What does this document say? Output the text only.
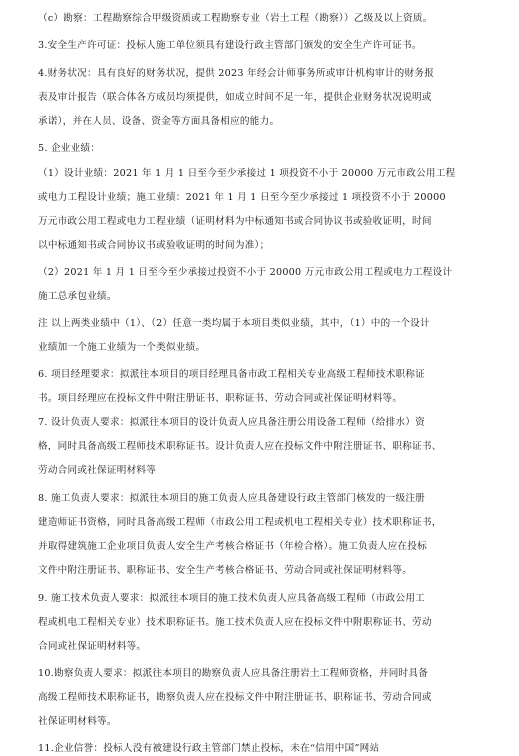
（c）勘察：工程勘察综合甲级资质或工程勘察专业（岩土工程（勘察））乙级及以上资质。
3.安全生产许可证：投标人施工单位须具有建设行政主管部门颁发的安全生产许可证书。
4.财务状况：具有良好的财务状况，提供 2023 年经会计师事务所或审计机构审计的财务报
表及审计报告（联合体各方成员均须提供，如成立时间不足一年，提供企业财务状况说明或
承诺），并在人员、设备、资金等方面具备相应的能力。
5. 企业业绩：
（1）设计业绩：2021 年 1 月 1 日至今至少承接过 1 项投资不小于 20000 万元市政公用工程
或电力工程设计业绩；施工业绩：2021 年 1 月 1 日至今至少承接过 1 项投资不小于 20000
万元市政公用工程或电力工程业绩（证明材料为中标通知书或合同协议书或验收证明，时间
以中标通知书或合同协议书或验收证明的时间为准）；
（2）2021 年 1 月 1 日至今至少承接过投资不小于 20000 万元市政公用工程或电力工程设计
施工总承包业绩。
注 以上两类业绩中（1）、（2）任意一类均属于本项目类似业绩，其中，（1）中的一个设计
业绩加一个施工业绩为一个类似业绩。
6. 项目经理要求：拟派往本项目的项目经理具备市政工程相关专业高级工程师技术职称证
书。项目经理应在投标文件中附注册证书、职称证书、劳动合同或社保证明材料等。
7. 设计负责人要求：拟派往本项目的设计负责人应具备注册公用设备工程师（给排水）资
格，同时具备高级工程师技术职称证书。设计负责人应在投标文件中附注册证书、职称证书、
劳动合同或社保证明材料等
8. 施工负责人要求：拟派往本项目的施工负责人应具备建设行政主管部门核发的一级注册
建造师证书资格，同时具备高级工程师（市政公用工程或机电工程相关专业）技术职称证书，
并取得建筑施工企业项目负责人安全生产考核合格证书（年检合格）。施工负责人应在投标
文件中附注册证书、职称证书、安全生产考核合格证书、劳动合同或社保证明材料等。
9. 施工技术负责人要求：拟派往本项目的施工技术负责人应具备高级工程师（市政公用工
程或机电工程相关专业）技术职称证书。施工技术负责人应在投标文件中附职称证书、劳动
合同或社保证明材料等。
10.勘察负责人要求：拟派往本项目的勘察负责人应具备注册岩土工程师资格，并同时具备
高级工程师技术职称证书，勘察负责人应在投标文件中附注册证书、职称证书、劳动合同或
社保证明材料等。
11.企业信誉：投标人没有被建设行政主管部门禁止投标，未在“信用中国”网站
